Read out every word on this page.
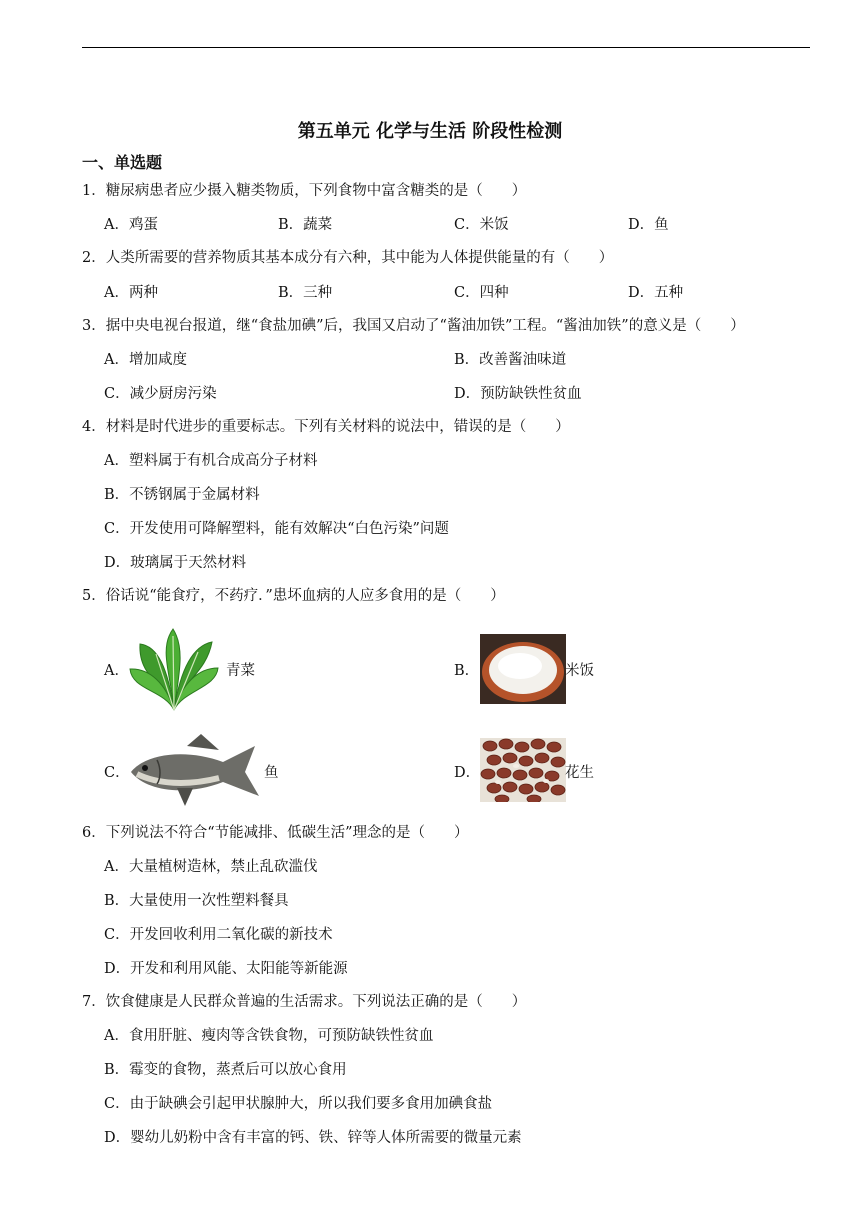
第五单元 化学与生活 阶段性检测
一、单选题
1．糖尿病患者应少摄入糖类物质，下列食物中富含糖类的是（　　）
A．鸡蛋	B．蔬菜	C．米饭	D．鱼
2．人类所需要的营养物质其基本成分有六种，其中能为人体提供能量的有（　　）
A．两种	B．三种	C．四种	D．五种
3．据中央电视台报道，继“食盐加碘”后，我国又启动了“酱油加铁”工程。“酱油加铁”的意义是（　　）
A．增加咸度	B．改善酱油味道
C．减少厨房污染	D．预防缺铁性贫血
4．材料是时代进步的重要标志。下列有关材料的说法中，错误的是（　　）
A．塑料属于有机合成高分子材料
B．不锈钢属于金属材料
C．开发使用可降解塑料，能有效解决“白色污染”问题
D．玻璃属于天然材料
5．俗话说“能食疗，不药疗．”患坏血病的人应多食用的是（　　）
A．	青菜	B．	米饭
C．	鱼	D．	花生
6．下列说法不符合“节能减排、低碳生活”理念的是（　　）
A．大量植树造林，禁止乱砍滥伐
B．大量使用一次性塑料餐具
C．开发回收利用二氧化碳的新技术
D．开发和利用风能、太阳能等新能源
7．饮食健康是人民群众普遍的生活需求。下列说法正确的是（　　）
A．食用肝脏、瘦肉等含铁食物，可预防缺铁性贫血
B．霉变的食物，蒸煮后可以放心食用
C．由于缺碘会引起甲状腺肿大，所以我们要多食用加碘食盐
D．婴幼儿奶粉中含有丰富的钙、铁、锌等人体所需要的微量元素
